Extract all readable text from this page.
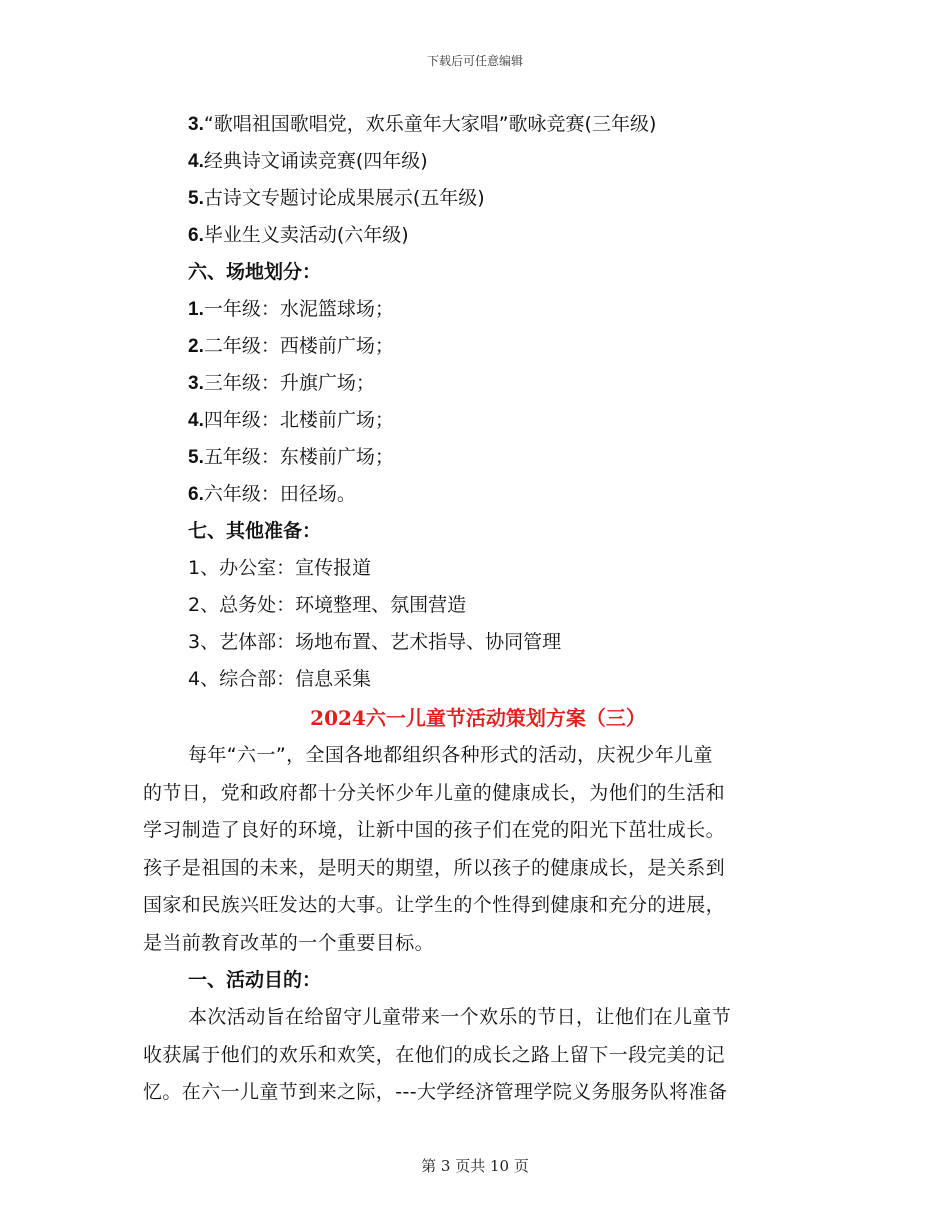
下载后可任意编辑
3.“歌唱祖国歌唱党，欢乐童年大家唱”歌咏竞赛(三年级)
4.经典诗文诵读竞赛(四年级)
5.古诗文专题讨论成果展示(五年级)
6.毕业生义卖活动(六年级)
六、场地划分：
1.一年级：水泥篮球场；
2.二年级：西楼前广场；
3.三年级：升旗广场；
4.四年级：北楼前广场；
5.五年级：东楼前广场；
6.六年级：田径场。
七、其他准备：
1、办公室：宣传报道
2、总务处：环境整理、氛围营造
3、艺体部：场地布置、艺术指导、协同管理
4、综合部：信息采集
2024六一儿童节活动策划方案（三）
每年“六一”，全国各地都组织各种形式的活动，庆祝少年儿童
的节日，党和政府都十分关怀少年儿童的健康成长，为他们的生活和
学习制造了良好的环境，让新中国的孩子们在党的阳光下茁壮成长。
孩子是祖国的未来，是明天的期望，所以孩子的健康成长，是关系到
国家和民族兴旺发达的大事。让学生的个性得到健康和充分的进展，
是当前教育改革的一个重要目标。
一、活动目的：
本次活动旨在给留守儿童带来一个欢乐的节日，让他们在儿童节
收获属于他们的欢乐和欢笑，在他们的成长之路上留下一段完美的记
忆。在六一儿童节到来之际，---大学经济管理学院义务服务队将准备
第 3 页共 10 页
